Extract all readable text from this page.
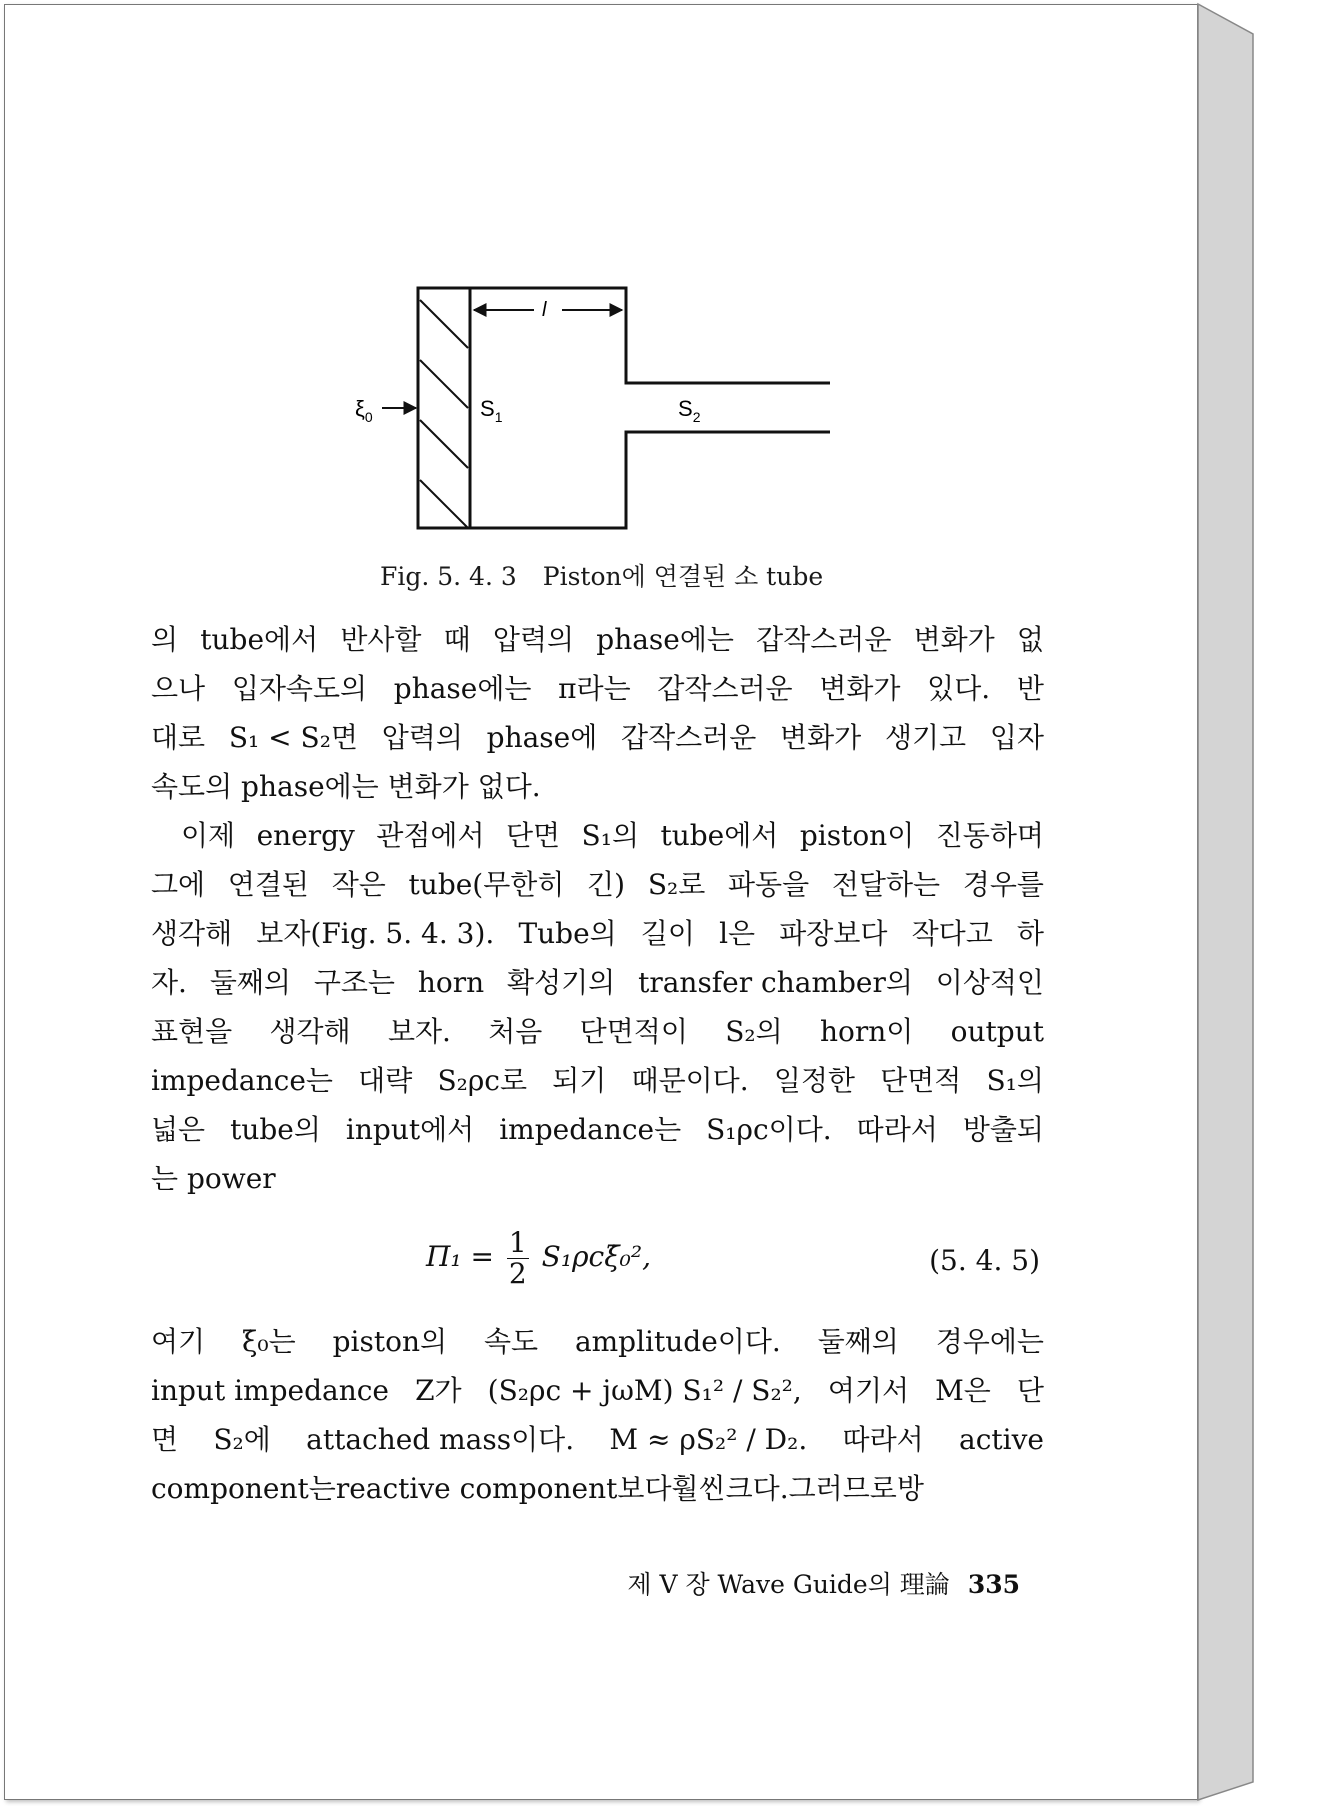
l
$\xi_0$	$S_1$	$S_2$
Fig. 5. 4. 3 Piston에 연결된 소 tube
의 tube에서 반사할 때 압력의 phase에는 갑작스러운 변화가 없
으나 입자속도의 phase에는 π라는 갑작스러운 변화가 있다. 반
대로 S₁ < S₂면 압력의 phase에 갑작스러운 변화가 생기고 입자
속도의 phase에는 변화가 없다.
이제 energy 관점에서 단면 S₁의 tube에서 piston이 진동하며
그에 연결된 작은 tube(무한히 긴) S₂로 파동을 전달하는 경우를
생각해 보자(Fig. 5. 4. 3). Tube의 길이 l은 파장보다 작다고 하
자. 둘째의 구조는 horn 확성기의 transfer chamber의 이상적인
표현을 생각해 보자. 처음 단면적이 S₂의 horn이 output
impedance는 대략 S₂ρc로 되기 때문이다. 일정한 단면적 S₁의
넓은 tube의 input에서 impedance는 S₁ρc이다. 따라서 방출되
는 power
$\Pi_1 = \frac{1}{2}$ S₁ρcξ̇₀²,	(5. 4. 5)
여기 ξ̇₀는 piston의 속도 amplitude이다. 둘째의 경우에는
input impedance Z가 (S₂ρc + jωM) S₁² / S₂², 여기서 M은 단
면 S₂에 attached mass이다. M ≈ ρS₂² / D₂. 따라서 active
component는 reactive component보다 훨씬 크다. 그러므로 방
제 Ⅴ 장 Wave Guide의 理論 335
